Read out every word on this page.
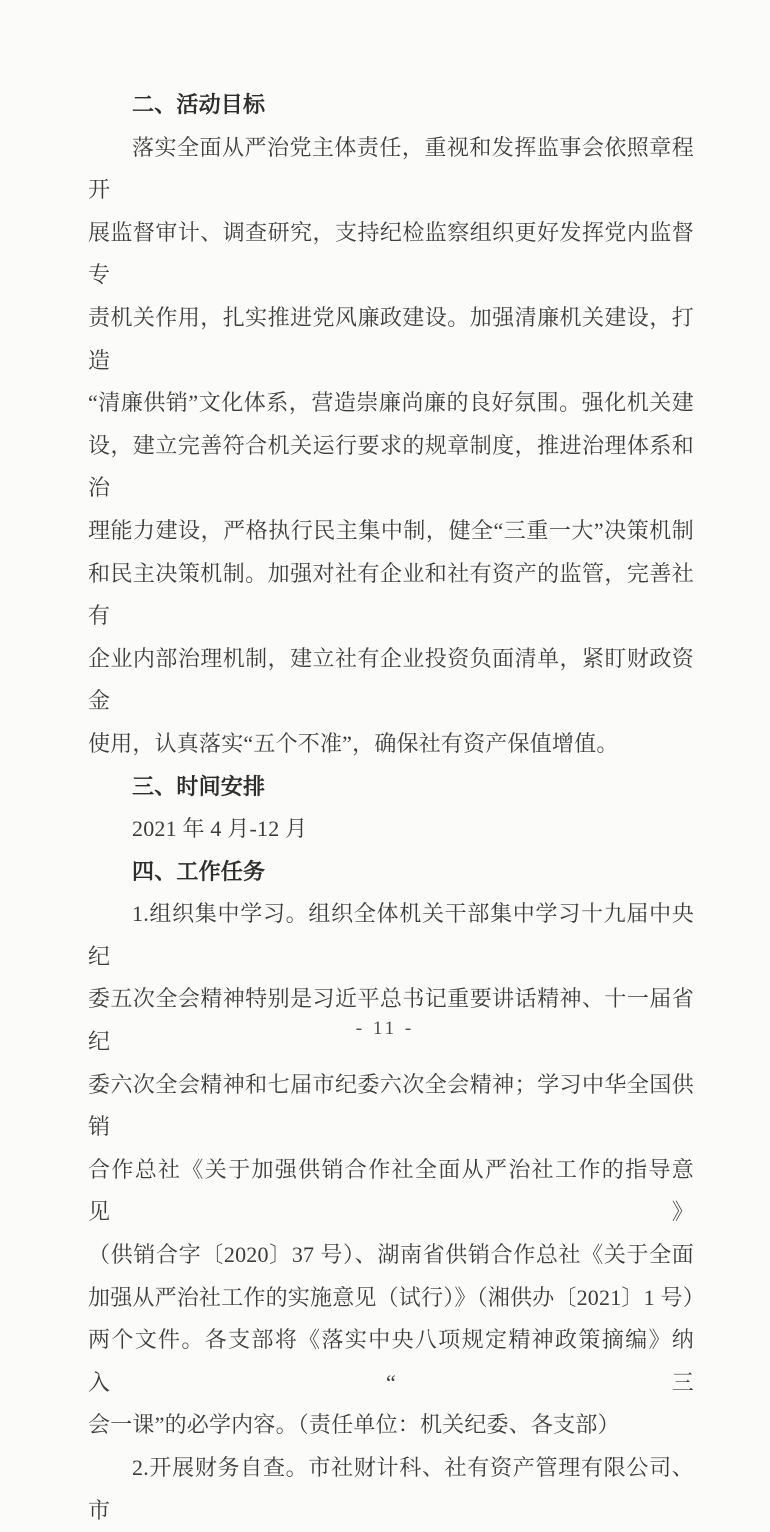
二、活动目标
落实全面从严治党主体责任，重视和发挥监事会依照章程开
展监督审计、调查研究，支持纪检监察组织更好发挥党内监督专
责机关作用，扎实推进党风廉政建设。加强清廉机关建设，打造
“清廉供销”文化体系，营造崇廉尚廉的良好氛围。强化机关建
设，建立完善符合机关运行要求的规章制度，推进治理体系和治
理能力建设，严格执行民主集中制，健全“三重一大”决策机制
和民主决策机制。加强对社有企业和社有资产的监管，完善社有
企业内部治理机制，建立社有企业投资负面清单，紧盯财政资金
使用，认真落实“五个不准”，确保社有资产保值增值。
三、时间安排
2021 年 4 月-12 月
四、工作任务
1.组织集中学习。组织全体机关干部集中学习十九届中央纪
委五次全会精神特别是习近平总书记重要讲话精神、十一届省纪
委六次全会精神和七届市纪委六次全会精神；学习中华全国供销
合作总社《关于加强供销合作社全面从严治社工作的指导意见》
（供销合字〔2020〕37 号）、湖南省供销合作总社《关于全面
加强从严治社工作的实施意见（试行）》（湘供办〔2021〕1 号）
两个文件。各支部将《落实中央八项规定精神政策摘编》纳入“三
会一课”的必学内容。（责任单位：机关纪委、各支部）
2.开展财务自查。市社财计科、社有资产管理有限公司、市
- 11 -
